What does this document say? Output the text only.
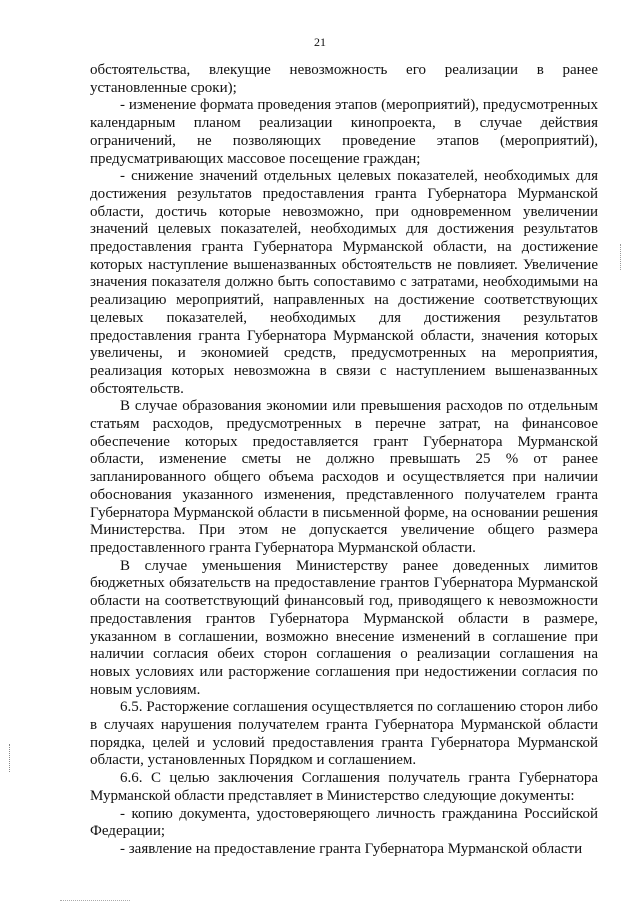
21

обстоятельства, влекущие невозможность его реализации в ранее установленные сроки);

- изменение формата проведения этапов (мероприятий), предусмотренных календарным планом реализации кинопроекта, в случае действия ограничений, не позволяющих проведение этапов (мероприятий), предусматривающих массовое посещение граждан;

- снижение значений отдельных целевых показателей, необходимых для достижения результатов предоставления гранта Губернатора Мурманской области, достичь которые невозможно, при одновременном увеличении значений целевых показателей, необходимых для достижения результатов предоставления гранта Губернатора Мурманской области, на достижение которых наступление вышеназванных обстоятельств не повлияет. Увеличение значения показателя должно быть сопоставимо с затратами, необходимыми на реализацию мероприятий, направленных на достижение соответствующих целевых показателей, необходимых для достижения результатов предоставления гранта Губернатора Мурманской области, значения которых увеличены, и экономией средств, предусмотренных на мероприятия, реализация которых невозможна в связи с наступлением вышеназванных обстоятельств.

В случае образования экономии или превышения расходов по отдельным статьям расходов, предусмотренных в перечне затрат, на финансовое обеспечение которых предоставляется грант Губернатора Мурманской области, изменение сметы не должно превышать 25 % от ранее запланированного общего объема расходов и осуществляется при наличии обоснования указанного изменения, представленного получателем гранта Губернатора Мурманской области в письменной форме, на основании решения Министерства. При этом не допускается увеличение общего размера предоставленного гранта Губернатора Мурманской области.

В случае уменьшения Министерству ранее доведенных лимитов бюджетных обязательств на предоставление грантов Губернатора Мурманской области на соответствующий финансовый год, приводящего к невозможности предоставления грантов Губернатора Мурманской области в размере, указанном в соглашении, возможно внесение изменений в соглашение при наличии согласия обеих сторон соглашения о реализации соглашения на новых условиях или расторжение соглашения при недостижении согласия по новым условиям.

6.5. Расторжение соглашения осуществляется по соглашению сторон либо в случаях нарушения получателем гранта Губернатора Мурманской области порядка, целей и условий предоставления гранта Губернатора Мурманской области, установленных Порядком и соглашением.

6.6. С целью заключения Соглашения получатель гранта Губернатора Мурманской области представляет в Министерство следующие документы:

- копию документа, удостоверяющего личность гражданина Российской Федерации;

- заявление на предоставление гранта Губернатора Мурманской области
